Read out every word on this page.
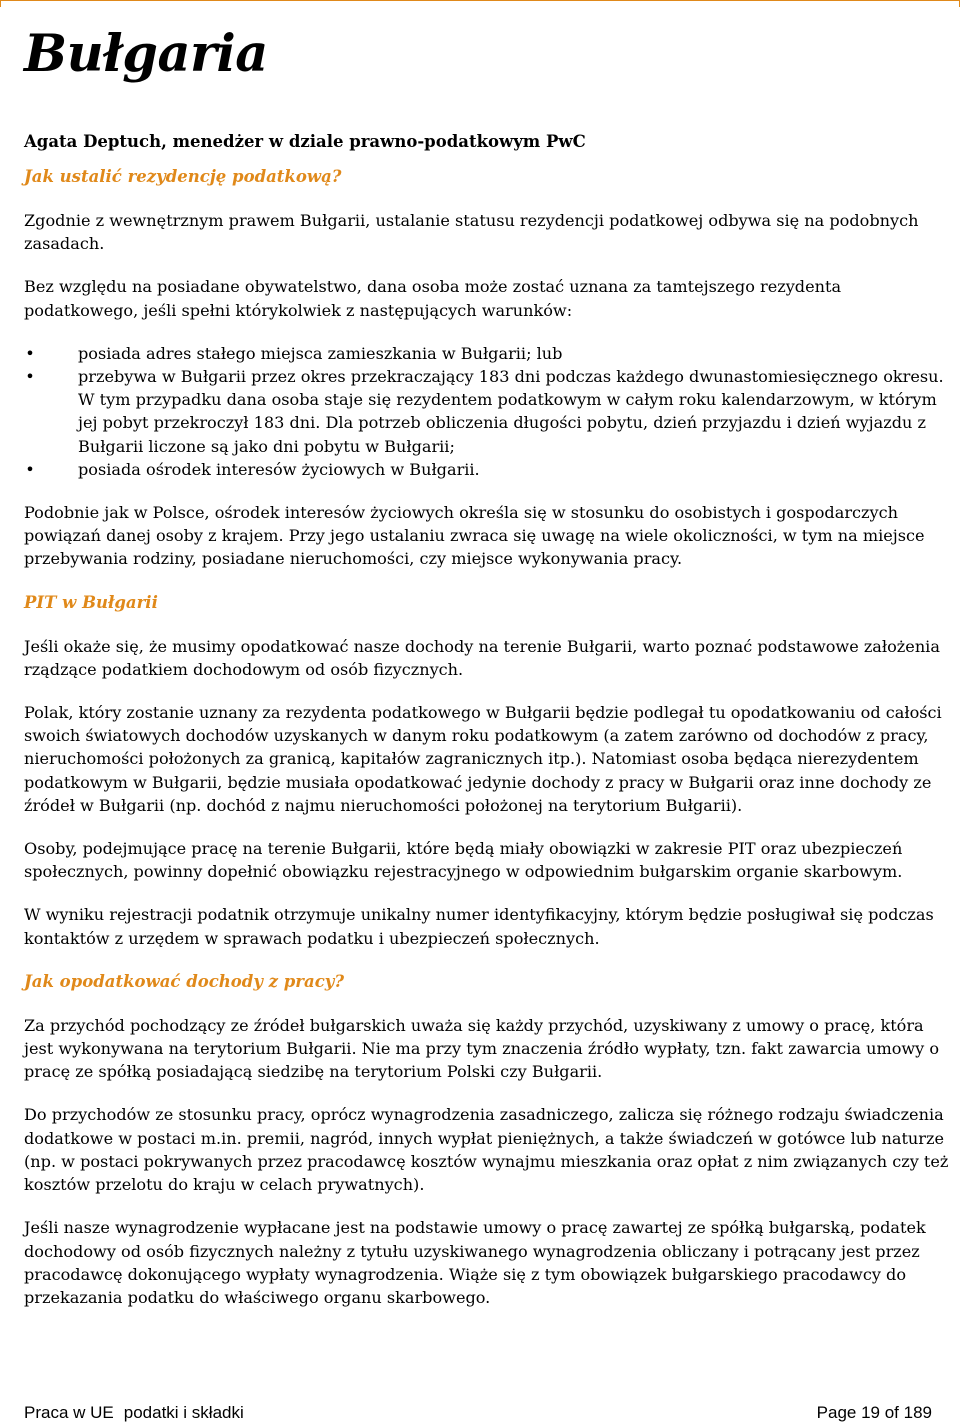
Bułgaria
Agata Deptuch, menedżer w dziale prawno-podatkowym PwC
Jak ustalić rezydencję podatkową?

Zgodnie z wewnętrznym prawem Bułgarii, ustalanie statusu rezydencji podatkowej odbywa się na podobnych zasadach.

Bez względu na posiadane obywatelstwo, dana osoba może zostać uznana za tamtejszego rezydenta podatkowego, jeśli spełni którykolwiek z następujących warunków:

•	posiada adres stałego miejsca zamieszkania w Bułgarii; lub
•	przebywa w Bułgarii przez okres przekraczający 183 dni podczas każdego dwunastomiesięcznego okresu. W tym przypadku dana osoba staje się rezydentem podatkowym w całym roku kalendarzowym, w którym jej pobyt przekroczył 183 dni. Dla potrzeb obliczenia długości pobytu, dzień przyjazdu i dzień wyjazdu z Bułgarii liczone są jako dni pobytu w Bułgarii;
•	posiada ośrodek interesów życiowych w Bułgarii.

Podobnie jak w Polsce, ośrodek interesów życiowych określa się w stosunku do osobistych i gospodarczych powiązań danej osoby z krajem. Przy jego ustalaniu zwraca się uwagę na wiele okoliczności, w tym na miejsce przebywania rodziny, posiadane nieruchomości, czy miejsce wykonywania pracy.

PIT w Bułgarii

Jeśli okaże się, że musimy opodatkować nasze dochody na terenie Bułgarii, warto poznać podstawowe założenia rządzące podatkiem dochodowym od osób fizycznych.

Polak, który zostanie uznany za rezydenta podatkowego w Bułgarii będzie podlegał tu opodatkowaniu od całości swoich światowych dochodów uzyskanych w danym roku podatkowym (a zatem zarówno od dochodów z pracy, nieruchomości położonych za granicą, kapitałów zagranicznych itp.). Natomiast osoba będąca nierezydentem podatkowym w Bułgarii, będzie musiała opodatkować jedynie dochody z pracy w Bułgarii oraz inne dochody ze źródeł w Bułgarii (np. dochód z najmu nieruchomości położonej na terytorium Bułgarii).

Osoby, podejmujące pracę na terenie Bułgarii, które będą miały obowiązki w zakresie PIT oraz ubezpieczeń społecznych, powinny dopełnić obowiązku rejestracyjnego w odpowiednim bułgarskim organie skarbowym.

W wyniku rejestracji podatnik otrzymuje unikalny numer identyfikacyjny, którym będzie posługiwał się podczas kontaktów z urzędem w sprawach podatku i ubezpieczeń społecznych.

Jak opodatkować dochody z pracy?

Za przychód pochodzący ze źródeł bułgarskich uważa się każdy przychód, uzyskiwany z umowy o pracę, która jest wykonywana na terytorium Bułgarii. Nie ma przy tym znaczenia źródło wypłaty, tzn. fakt zawarcia umowy o pracę ze spółką posiadającą siedzibę na terytorium Polski czy Bułgarii.

Do przychodów ze stosunku pracy, oprócz wynagrodzenia zasadniczego, zalicza się różnego rodzaju świadczenia dodatkowe w postaci m.in. premii, nagród, innych wypłat pieniężnych, a także świadczeń w gotówce lub naturze (np. w postaci pokrywanych przez pracodawcę kosztów wynajmu mieszkania oraz opłat z nim związanych czy też kosztów przelotu do kraju w celach prywatnych).

Jeśli nasze wynagrodzenie wypłacane jest na podstawie umowy o pracę zawartej ze spółką bułgarską, podatek dochodowy od osób fizycznych należny z tytułu uzyskiwanego wynagrodzenia obliczany i potrącany jest przez pracodawcę dokonującego wypłaty wynagrodzenia. Wiąże się z tym obowiązek bułgarskiego pracodawcy do przekazania podatku do właściwego organu skarbowego.

Praca w UE podatki i składki	Page 19 of 189
